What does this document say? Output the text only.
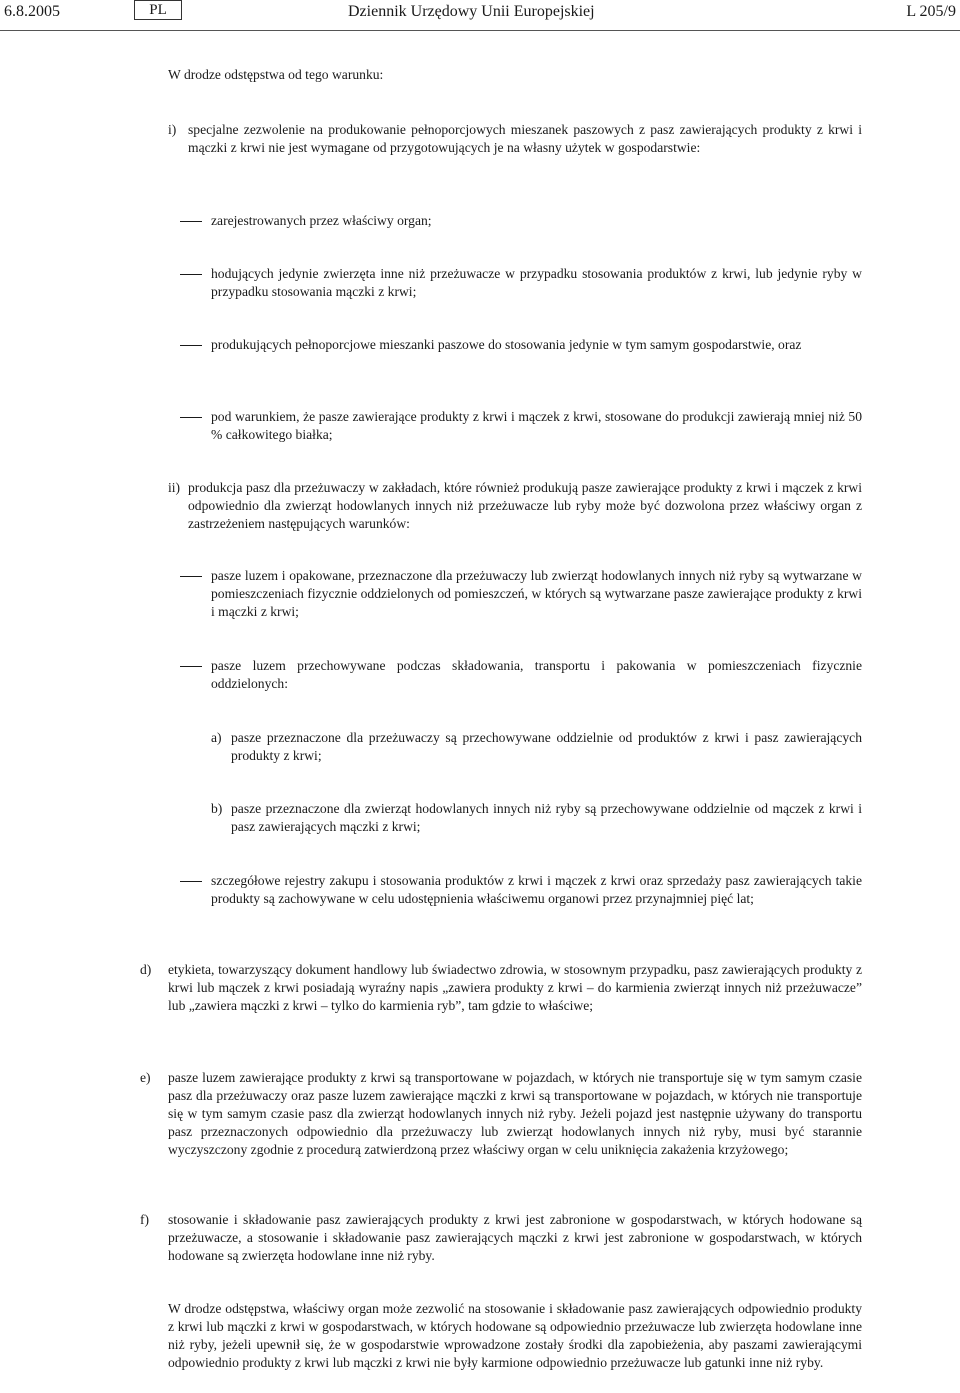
6.8.2005	PL	Dziennik Urzędowy Unii Europejskiej	L 205/9
W drodze odstępstwa od tego warunku:
i) specjalne zezwolenie na produkowanie pełnoporcjowych mieszanek paszowych z pasz zawierających produkty z krwi i mączki z krwi nie jest wymagane od przygotowujących je na własny użytek w gospodarstwie:
zarejestrowanych przez właściwy organ;
hodujących jedynie zwierzęta inne niż przeżuwacze w przypadku stosowania produktów z krwi, lub jedynie ryby w przypadku stosowania mączki z krwi;
produkujących pełnoporcjowe mieszanki paszowe do stosowania jedynie w tym samym gospodarstwie, oraz
pod warunkiem, że pasze zawierające produkty z krwi i mączek z krwi, stosowane do produkcji zawierają mniej niż 50 % całkowitego białka;
ii) produkcja pasz dla przeżuwaczy w zakładach, które również produkują pasze zawierające produkty z krwi i mączek z krwi odpowiednio dla zwierząt hodowlanych innych niż przeżuwacze lub ryby może być dozwolona przez właściwy organ z zastrzeżeniem następujących warunków:
pasze luzem i opakowane, przeznaczone dla przeżuwaczy lub zwierząt hodowlanych innych niż ryby są wytwarzane w pomieszczeniach fizycznie oddzielonych od pomieszczeń, w których są wytwarzane pasze zawierające produkty z krwi i mączki z krwi;
pasze luzem przechowywane podczas składowania, transportu i pakowania w pomieszczeniach fizycznie oddzielonych:
a) pasze przeznaczone dla przeżuwaczy są przechowywane oddzielnie od produktów z krwi i pasz zawierających produkty z krwi;
b) pasze przeznaczone dla zwierząt hodowlanych innych niż ryby są przechowywane oddzielnie od mączek z krwi i pasz zawierających mączki z krwi;
szczegółowe rejestry zakupu i stosowania produktów z krwi i mączek z krwi oraz sprzedaży pasz zawierających takie produkty są zachowywane w celu udostępnienia właściwemu organowi przez przynajmniej pięć lat;
d) etykieta, towarzyszący dokument handlowy lub świadectwo zdrowia, w stosownym przypadku, pasz zawierających produkty z krwi lub mączek z krwi posiadają wyraźny napis „zawiera produkty z krwi – do karmienia zwierząt innych niż przeżuwacze” lub „zawiera mączki z krwi – tylko do karmienia ryb”, tam gdzie to właściwe;
e) pasze luzem zawierające produkty z krwi są transportowane w pojazdach, w których nie transportuje się w tym samym czasie pasz dla przeżuwaczy oraz pasze luzem zawierające mączki z krwi są transportowane w pojazdach, w których nie transportuje się w tym samym czasie pasz dla zwierząt hodowlanych innych niż ryby. Jeżeli pojazd jest następnie używany do transportu pasz przeznaczonych odpowiednio dla przeżuwaczy lub zwierząt hodowlanych innych niż ryby, musi być starannie wyczyszczony zgodnie z procedurą zatwierdzoną przez właściwy organ w celu uniknięcia zakażenia krzyżowego;
f) stosowanie i składowanie pasz zawierających produkty z krwi jest zabronione w gospodarstwach, w których hodowane są przeżuwacze, a stosowanie i składowanie pasz zawierających mączki z krwi jest zabronione w gospodarstwach, w których hodowane są zwierzęta hodowlane inne niż ryby.
W drodze odstępstwa, właściwy organ może zezwolić na stosowanie i składowanie pasz zawierających odpowiednio produkty z krwi lub mączki z krwi w gospodarstwach, w których hodowane są odpowiednio przeżuwacze lub zwierzęta hodowlane inne niż ryby, jeżeli upewnił się, że w gospodarstwie wprowadzone zostały środki dla zapobieżenia, aby paszami zawierającymi odpowiednio produkty z krwi lub mączki z krwi nie były karmione odpowiednio przeżuwacze lub gatunki inne niż ryby.
